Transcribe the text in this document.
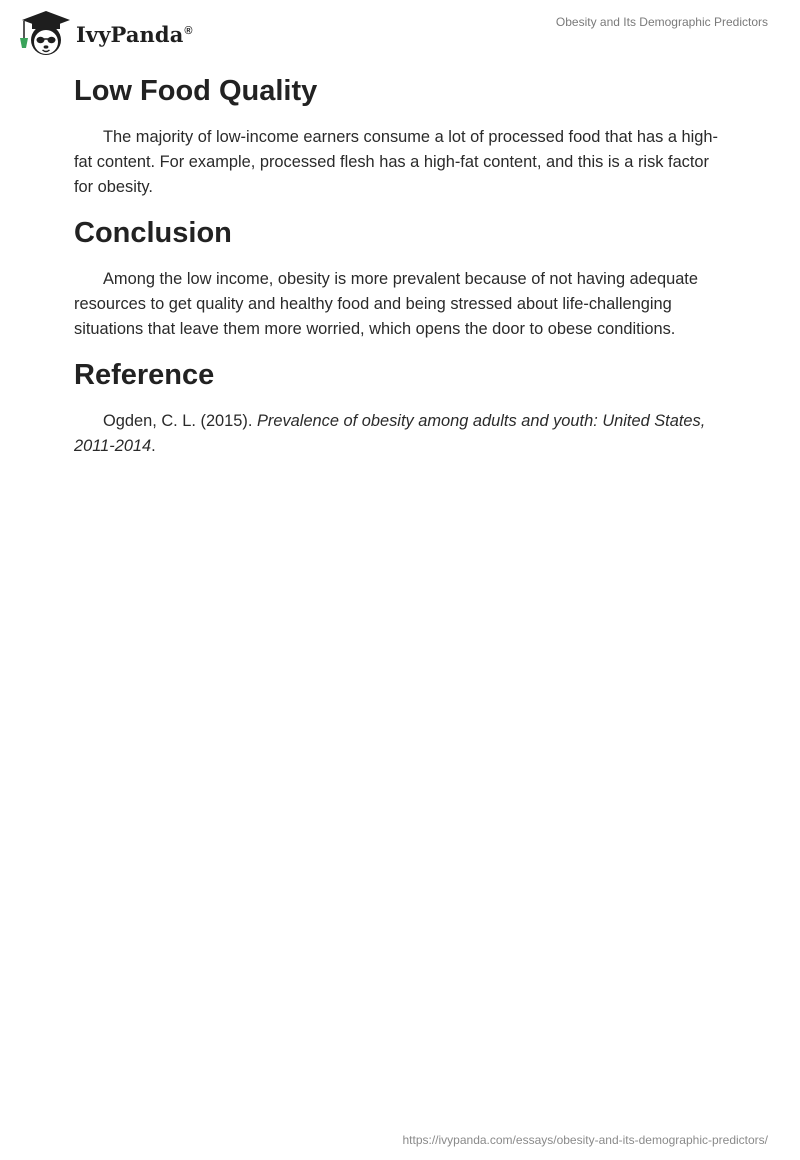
IvyPanda®
Obesity and Its Demographic Predictors
Low Food Quality

The majority of low-income earners consume a lot of processed food that has a high-fat content. For example, processed flesh has a high-fat content, and this is a risk factor for obesity.

Conclusion

Among the low income, obesity is more prevalent because of not having adequate resources to get quality and healthy food and being stressed about life-challenging situations that leave them more worried, which opens the door to obese conditions.

Reference

Ogden, C. L. (2015). Prevalence of obesity among adults and youth: United States, 2011-2014.

https://ivypanda.com/essays/obesity-and-its-demographic-predictors/
